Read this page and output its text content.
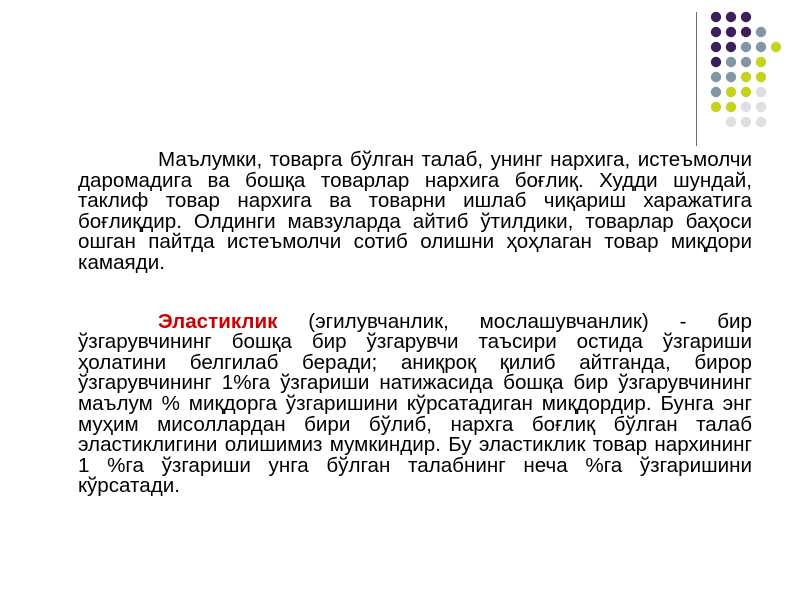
Маълумки, товарга бўлган талаб, унинг нархига, истеъмолчи даромадига ва бошқа товарлар нархига боғлиқ. Худди шундай, таклиф товар нархига ва товарни ишлаб чиқариш харажатига боғлиқдир. Олдинги мавзуларда айтиб ўтилдики, товарлар баҳоси ошган пайтда истеъмолчи сотиб олишни ҳоҳлаган товар миқдори камаяди.

Эластиклик (эгилувчанлик, мослашувчанлик) - бир ўзгарувчининг бошқа бир ўзгарувчи таъсири остида ўзгариши ҳолатини белгилаб беради; аниқроқ қилиб айтганда, бирор ўзгарувчининг 1%га ўзгариши натижасида бошқа бир ўзгарувчининг маълум % миқдорга ўзгаришини кўрсатадиган миқдордир. Бунга энг муҳим мисоллардан бири бўлиб, нархга боғлиқ бўлган талаб эластиклигини олишимиз мумкиндир. Бу эластиклик товар нархининг 1 %га ўзгариши унга бўлган талабнинг неча %га ўзгаришини кўрсатади.
